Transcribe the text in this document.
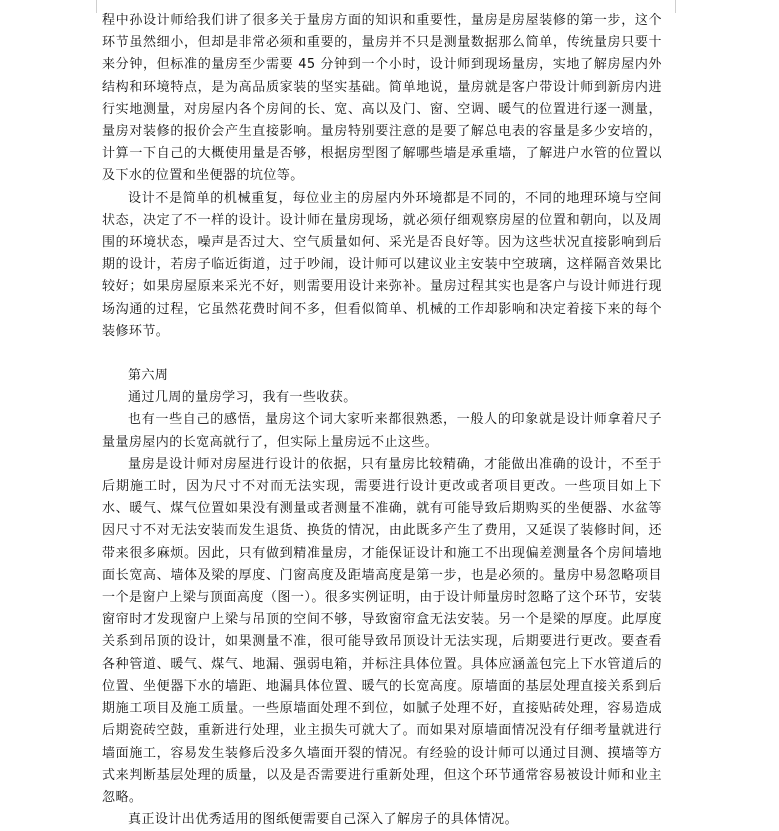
程中孙设计师给我们讲了很多关于量房方面的知识和重要性，量房是房屋装修的第一步，这个环节虽然细小，但却是非常必须和重要的，量房并不只是测量数据那么简单，传统量房只要十来分钟，但标准的量房至少需要 45 分钟到一个小时，设计师到现场量房，实地了解房屋内外结构和环境特点，是为高品质家装的坚实基础。简单地说，量房就是客户带设计师到新房内进行实地测量，对房屋内各个房间的长、宽、高以及门、窗、空调、暖气的位置进行逐一测量，量房对装修的报价会产生直接影响。量房特别要注意的是要了解总电表的容量是多少安培的，计算一下自己的大概使用量是否够，根据房型图了解哪些墙是承重墙，了解进户水管的位置以及下水的位置和坐便器的坑位等。

设计不是简单的机械重复，每位业主的房屋内外环境都是不同的，不同的地理环境与空间状态，决定了不一样的设计。设计师在量房现场，就必须仔细观察房屋的位置和朝向，以及周围的环境状态，噪声是否过大、空气质量如何、采光是否良好等。因为这些状况直接影响到后期的设计，若房子临近街道，过于吵闹，设计师可以建议业主安装中空玻璃，这样隔音效果比较好；如果房屋原来采光不好，则需要用设计来弥补。量房过程其实也是客户与设计师进行现场沟通的过程，它虽然花费时间不多，但看似简单、机械的工作却影响和决定着接下来的每个装修环节。

第六周

通过几周的量房学习，我有一些收获。

也有一些自己的感悟，量房这个词大家听来都很熟悉，一般人的印象就是设计师拿着尺子量量房屋内的长宽高就行了，但实际上量房远不止这些。

量房是设计师对房屋进行设计的依据，只有量房比较精确，才能做出准确的设计，不至于后期施工时，因为尺寸不对而无法实现，需要进行设计更改或者项目更改。一些项目如上下水、暖气、煤气位置如果没有测量或者测量不准确，就有可能导致后期购买的坐便器、水盆等因尺寸不对无法安装而发生退货、换货的情况，由此既多产生了费用，又延误了装修时间，还带来很多麻烦。因此，只有做到精准量房，才能保证设计和施工不出现偏差测量各个房间墙地面长宽高、墙体及梁的厚度、门窗高度及距墙高度是第一步，也是必须的。量房中易忽略项目一个是窗户上梁与顶面高度（图一）。很多实例证明，由于设计师量房时忽略了这个环节，安装窗帘时才发现窗户上梁与吊顶的空间不够，导致窗帘盒无法安装。另一个是梁的厚度。此厚度关系到吊顶的设计，如果测量不准，很可能导致吊顶设计无法实现，后期要进行更改。要查看各种管道、暖气、煤气、地漏、强弱电箱，并标注具体位置。具体应涵盖包完上下水管道后的位置、坐便器下水的墙距、地漏具体位置、暖气的长宽高度。原墙面的基层处理直接关系到后期施工项目及施工质量。一些原墙面处理不到位，如腻子处理不好，直接贴砖处理，容易造成后期瓷砖空鼓，重新进行处理，业主损失可就大了。而如果对原墙面情况没有仔细考量就进行墙面施工，容易发生装修后没多久墙面开裂的情况。有经验的设计师可以通过目测、摸墙等方式来判断基层处理的质量，以及是否需要进行重新处理，但这个环节通常容易被设计师和业主忽略。

真正设计出优秀适用的图纸便需要自己深入了解房子的具体情况。
